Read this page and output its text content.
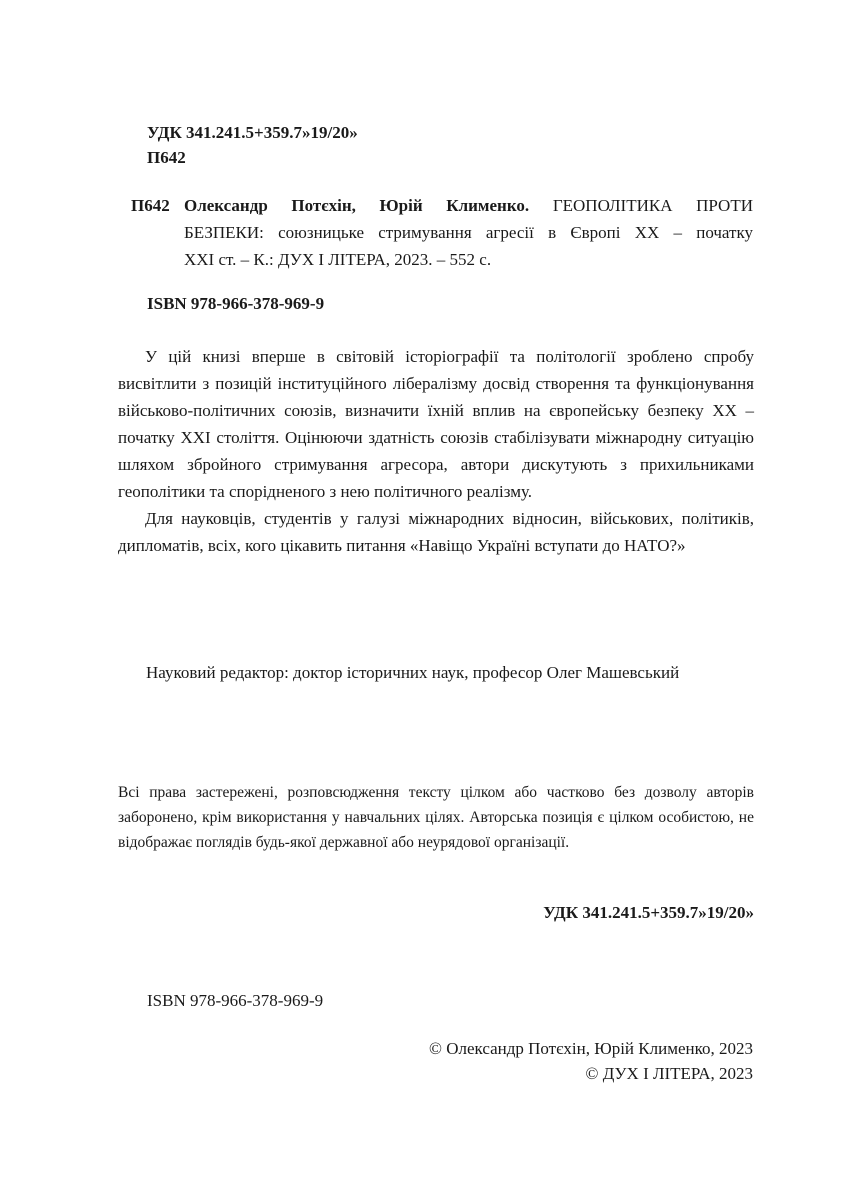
УДК 341.241.5+359.7»19/20»
П642
П642 Олександр Потєхін, Юрій Клименко. ГЕОПОЛІТИКА ПРОТИ
БЕЗПЕКИ: союзницьке стримування агресії в Європі ХХ – початку
ХХІ ст. – К.: ДУХ І ЛІТЕРА, 2023. – 552 с.
ISBN 978-966-378-969-9

У цій книзі вперше в світовій історіографії та політології зроблено спробу висвітлити з позицій інституційного лібералізму досвід створення та функціонування військово-політичних союзів, визначити їхній вплив на європейську безпеку ХХ – початку ХХІ століття. Оцінюючи здатність союзів стабілізувати міжнародну ситуацію шляхом збройного стримування агресора, автори дискутують з прихильниками геополітики та спорідненого з нею політичного реалізму.

Для науковців, студентів у галузі міжнародних відносин, військових, політиків, дипломатів, всіх, кого цікавить питання «Навіщо Україні вступати до НАТО?»

Науковий редактор: доктор історичних наук, професор Олег Машевський
Всі права застережені, розповсюдження тексту цілком або частково без дозволу авторів заборонено, крім використання у навчальних цілях. Авторська позиція є цілком особистою, не відображає поглядів будь-якої державної або неурядової організації.
УДК 341.241.5+359.7»19/20»
ISBN 978-966-378-969-9
© Олександр Потєхін, Юрій Клименко, 2023
© ДУХ І ЛІТЕРА, 2023
